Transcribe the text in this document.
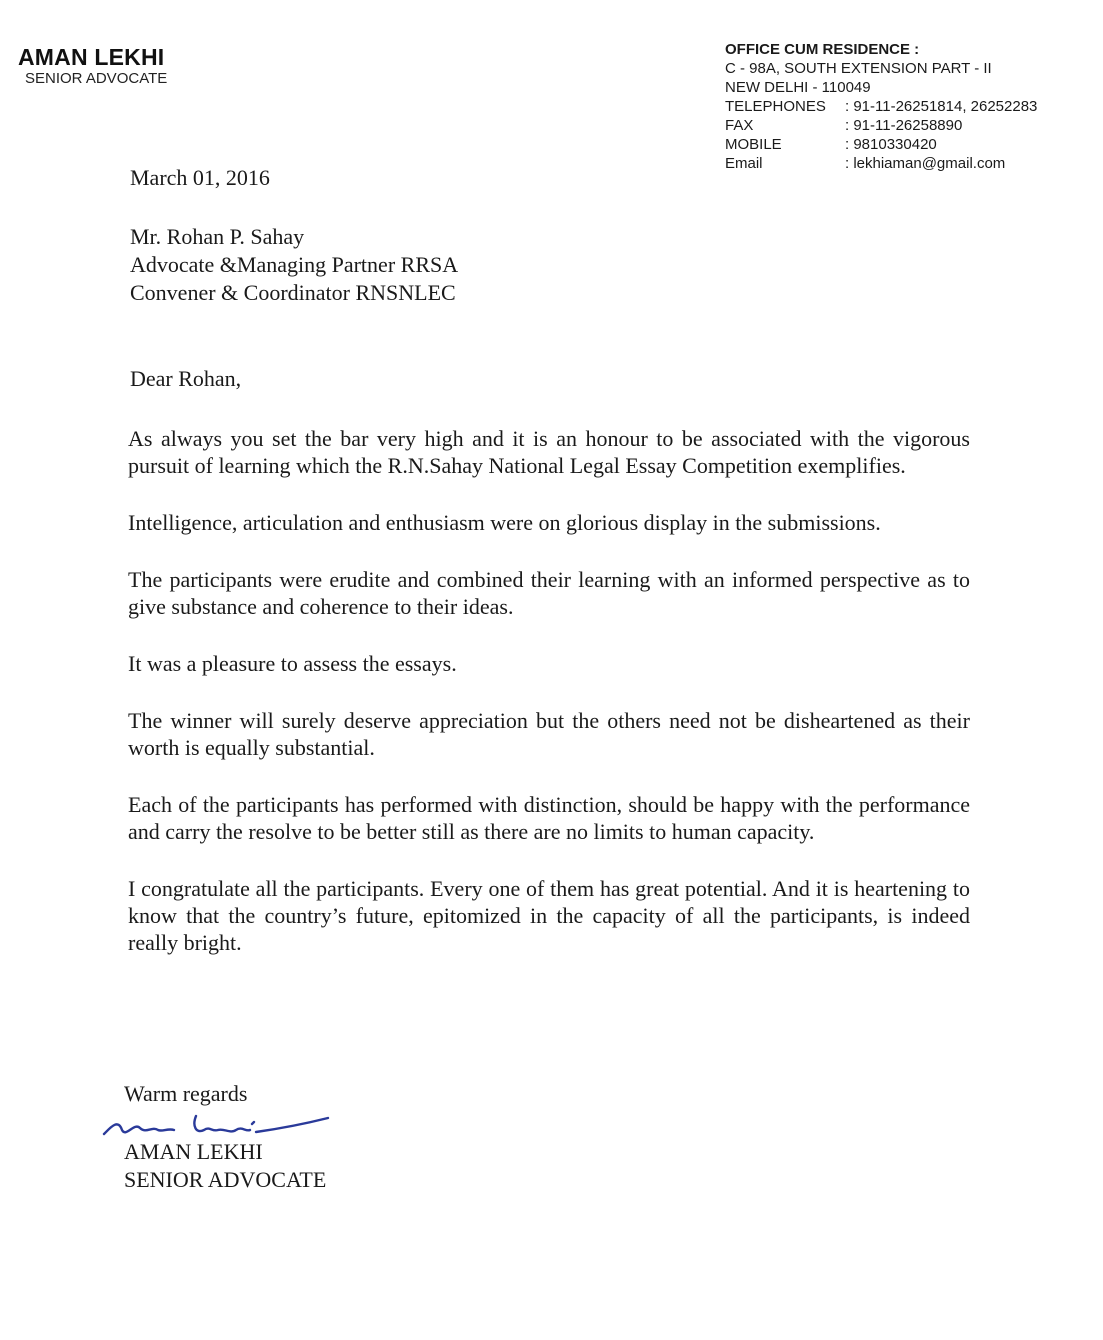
AMAN LEKHI
SENIOR ADVOCATE
OFFICE CUM RESIDENCE :
C - 98A, SOUTH EXTENSION PART - II
NEW DELHI - 110049
TELEPHONES	: 91-11-26251814, 26252283
FAX	: 91-11-26258890
MOBILE	: 9810330420
Email	: lekhiaman@gmail.com
March 01, 2016
Mr. Rohan P. Sahay
Advocate &Managing Partner RRSA
Convener & Coordinator RNSNLEC
Dear Rohan,

As always you set the bar very high and it is an honour to be associated with the vigorous pursuit of learning which the R.N.Sahay National Legal Essay Competition exemplifies.

Intelligence, articulation and enthusiasm were on glorious display in the submissions.

The participants were erudite and combined their learning with an informed perspective as to give substance and coherence to their ideas.

It was a pleasure to assess the essays.

The winner will surely deserve appreciation but the others need not be disheartened as their worth is equally substantial.

Each of the participants has performed with distinction, should be happy with the performance and carry the resolve to be better still as there are no limits to human capacity.

I congratulate all the participants. Every one of them has great potential. And it is heartening to know that the country’s future, epitomized in the capacity of all the participants, is indeed really bright.

Warm regards
AMAN LEKHI
SENIOR ADVOCATE
